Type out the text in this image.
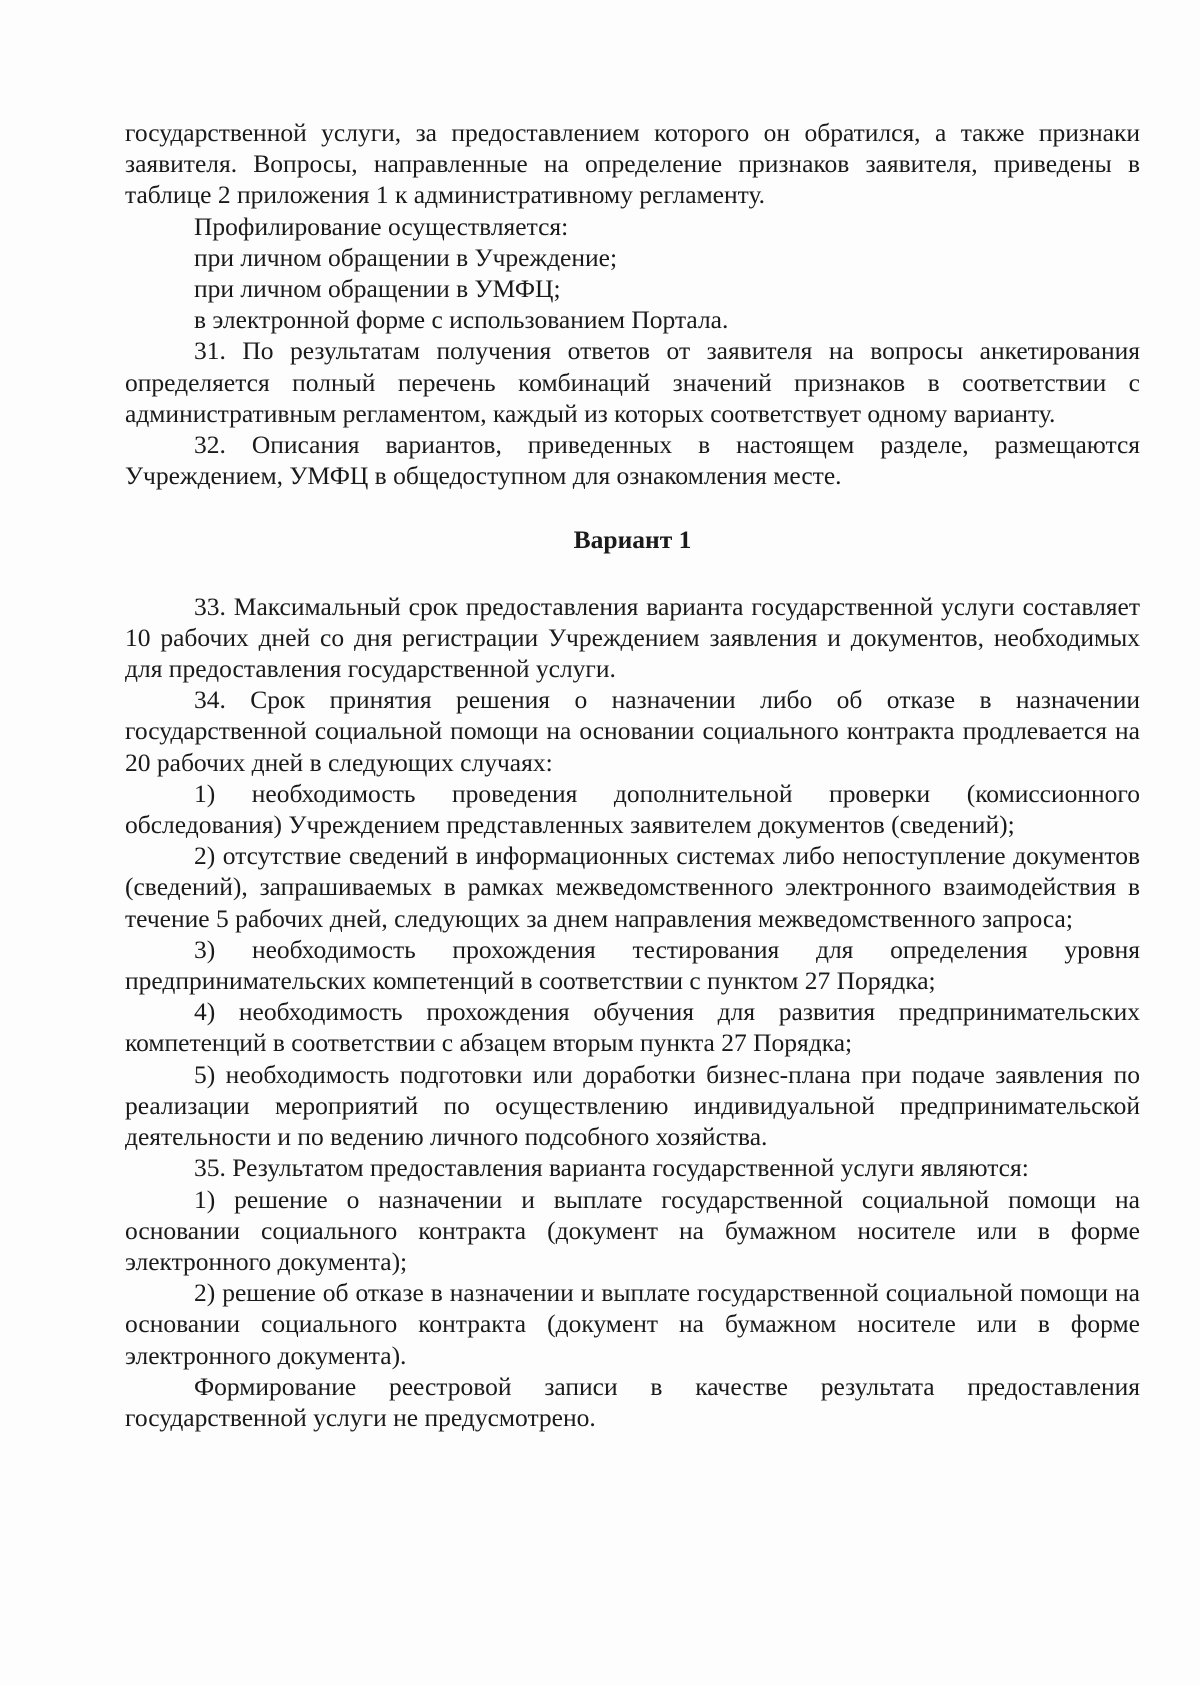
государственной услуги, за предоставлением которого он обратился, а также признаки заявителя. Вопросы, направленные на определение признаков заявителя, приведены в таблице 2 приложения 1 к административному регламенту.

Профилирование осуществляется:

при личном обращении в Учреждение;

при личном обращении в УМФЦ;

в электронной форме с использованием Портала.

31. По результатам получения ответов от заявителя на вопросы анкетирования определяется полный перечень комбинаций значений признаков в соответствии с административным регламентом, каждый из которых соответствует одному варианту.

32. Описания вариантов, приведенных в настоящем разделе, размещаются Учреждением, УМФЦ в общедоступном для ознакомления месте.

Вариант 1

33. Максимальный срок предоставления варианта государственной услуги составляет 10 рабочих дней со дня регистрации Учреждением заявления и документов, необходимых для предоставления государственной услуги.

34. Срок принятия решения о назначении либо об отказе в назначении государственной социальной помощи на основании социального контракта продлевается на 20 рабочих дней в следующих случаях:

1) необходимость проведения дополнительной проверки (комиссионного обследования) Учреждением представленных заявителем документов (сведений);

2) отсутствие сведений в информационных системах либо непоступление документов (сведений), запрашиваемых в рамках межведомственного электронного взаимодействия в течение 5 рабочих дней, следующих за днем направления межведомственного запроса;

3) необходимость прохождения тестирования для определения уровня предпринимательских компетенций в соответствии с пунктом 27 Порядка;

4) необходимость прохождения обучения для развития предпринимательских компетенций в соответствии с абзацем вторым пункта 27 Порядка;

5) необходимость подготовки или доработки бизнес-плана при подаче заявления по реализации мероприятий по осуществлению индивидуальной предпринимательской деятельности и по ведению личного подсобного хозяйства.

35. Результатом предоставления варианта государственной услуги являются:

1) решение о назначении и выплате государственной социальной помощи на основании социального контракта (документ на бумажном носителе или в форме электронного документа);

2) решение об отказе в назначении и выплате государственной социальной помощи на основании социального контракта (документ на бумажном носителе или в форме электронного документа).

Формирование реестровой записи в качестве результата предоставления государственной услуги не предусмотрено.
